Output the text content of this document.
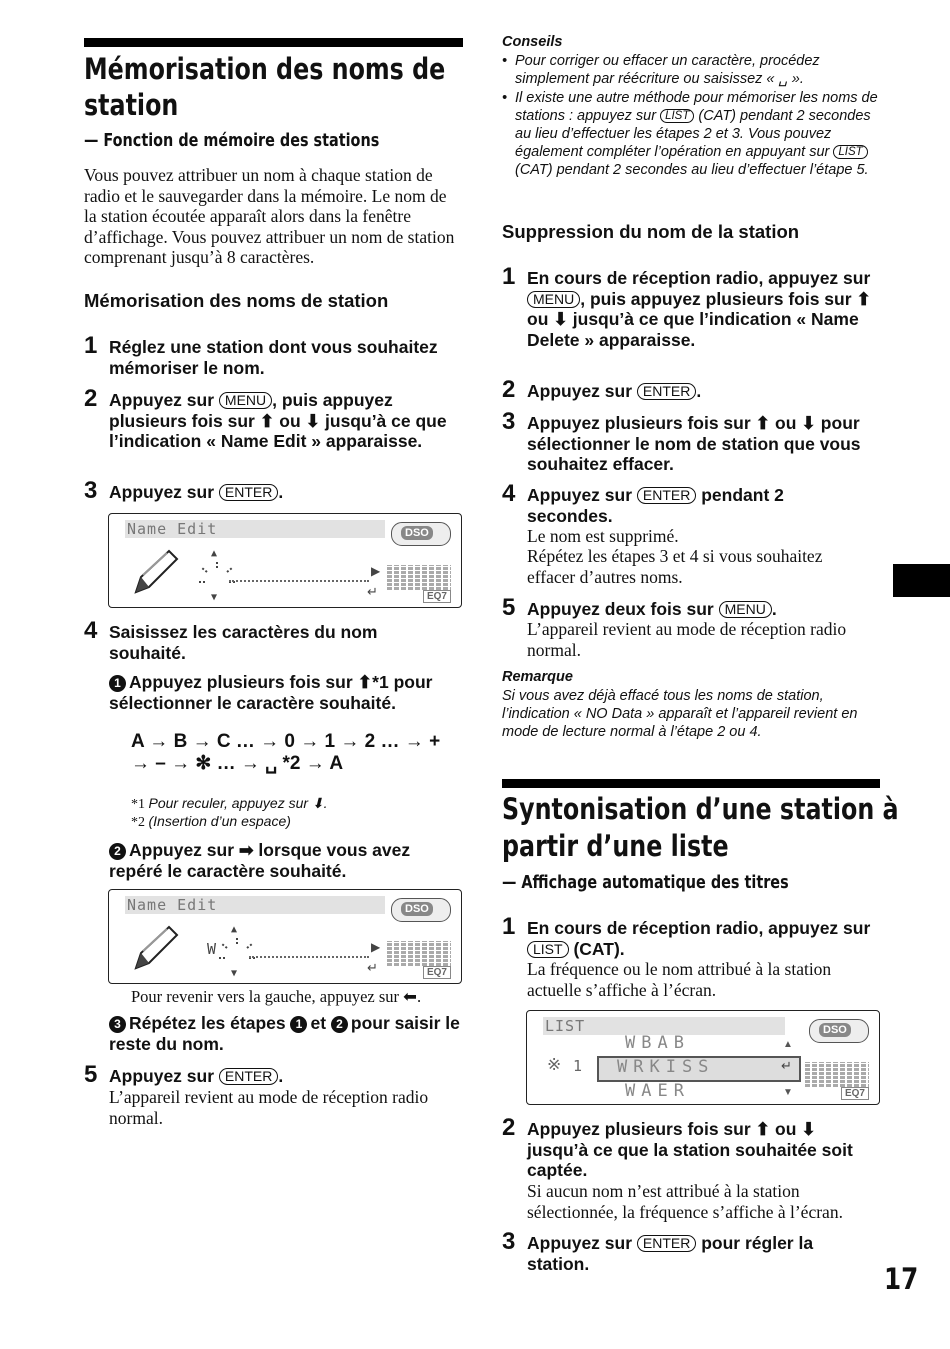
Mémorisation des noms de
station
— Fonction de mémoire des stations
Vous pouvez attribuer un nom à chaque station de radio et le sauvegarder dans la mémoire. Le nom de la station écoutée apparaît alors dans la fenêtre d’affichage. Vous pouvez attribuer un nom de station comprenant jusqu’à 8 caractères.
Mémorisation des noms de station
1 Réglez une station dont vous souhaitez mémoriser le nom.
2 Appuyez sur MENU , puis appuyez plusieurs fois sur ⬆ ou ⬇ jusqu’à ce que l’indication « Name Edit » apparaisse.
3 Appuyez sur ENTER .
Name Edit
▲
▼
▶
↵
DSO
EQ7
4 Saisissez les caractères du nom souhaité.
1 Appuyez plusieurs fois sur ⬆*1 pour sélectionner le caractère souhaité.
A → B → C … → 0 → 1 → 2 … → +
→ – → ✻ … → ␣ *2 → A
*1 Pour reculer, appuyez sur ⬇.
*2 (Insertion d’un espace)
2 Appuyez sur ➡ lorsque vous avez repéré le caractère souhaité.
Name Edit
W
▲
▼
▶
↵
DSO
EQ7
Pour revenir vers la gauche, appuyez sur ⬅.
3 Répétez les étapes 1 et 2 pour saisir le reste du nom.
5 Appuyez sur ENTER .
L’appareil revient au mode de réception radio normal.
Conseils
• Pour corriger ou effacer un caractère, procédez simplement par réécriture ou saisissez « ␣ ».
• Il existe une autre méthode pour mémoriser les noms de stations : appuyez sur LIST (CAT) pendant 2 secondes au lieu d’effectuer les étapes 2 et 3. Vous pouvez également compléter l’opération en appuyant sur LIST (CAT) pendant 2 secondes au lieu d’effectuer l’étape 5.
Suppression du nom de la station
1 En cours de réception radio, appuyez sur MENU , puis appuyez plusieurs fois sur ⬆ ou ⬇ jusqu’à ce que l’indication « Name Delete » apparaisse.
2 Appuyez sur ENTER .
3 Appuyez plusieurs fois sur ⬆ ou ⬇ pour sélectionner le nom de station que vous souhaitez effacer.
4 Appuyez sur ENTER pendant 2 secondes.
Le nom est supprimé.
Répétez les étapes 3 et 4 si vous souhaitez effacer d’autres noms.
5 Appuyez deux fois sur MENU .
L’appareil revient au mode de réception radio normal.
Remarque
Si vous avez déjà effacé tous les noms de station, l’indication « NO Data » apparaît et l’appareil revient en mode de lecture normal à l’étape 2 ou 4.
Syntonisation d’une station à
partir d’une liste
— Affichage automatique des titres
1 En cours de réception radio, appuyez sur LIST (CAT).
La fréquence ou le nom attribué à la station actuelle s’affiche à l’écran.
LIST
WBAB	▲
※ 1 WRKISS	↵
WAER	▼
DSO
EQ7
2 Appuyez plusieurs fois sur ⬆ ou ⬇ jusqu’à ce que la station souhaitée soit captée.
Si aucun nom n’est attribué à la station sélectionnée, la fréquence s’affiche à l’écran.
3 Appuyez sur ENTER pour régler la station.	17
